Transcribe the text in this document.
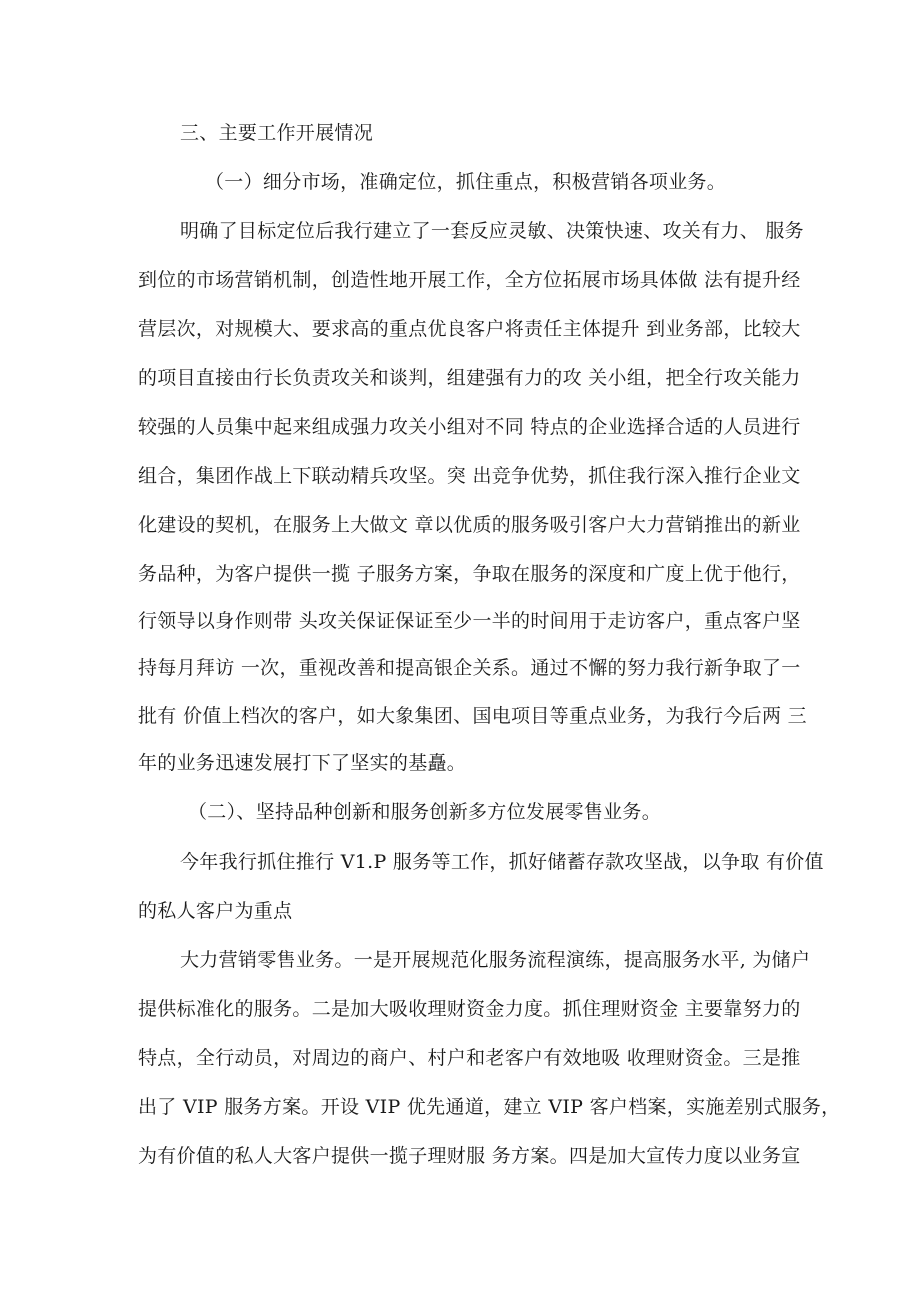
三、主要工作开展情况
（一）细分市场，准确定位，抓住重点，积极营销各项业务。
明确了目标定位后我行建立了一套反应灵敏、决策快速、攻关有力、 服务
到位的市场营销机制，创造性地开展工作，全方位拓展市场具体做 法有提升经
营层次，对规模大、要求高的重点优良客户将责任主体提升 到业务部，比较大
的项目直接由行长负责攻关和谈判，组建强有力的攻 关小组，把全行攻关能力
较强的人员集中起来组成强力攻关小组对不同 特点的企业选择合适的人员进行
组合，集团作战上下联动精兵攻坚。突 出竞争优势，抓住我行深入推行企业文
化建设的契机，在服务上大做文 章以优质的服务吸引客户大力营销推出的新业
务品种，为客户提供一揽 子服务方案，争取在服务的深度和广度上优于他行，
行领导以身作则带 头攻关保证保证至少一半的时间用于走访客户，重点客户坚
持每月拜访 一次，重视改善和提高银企关系。通过不懈的努力我行新争取了一
批有 价值上档次的客户，如大象集团、国电项目等重点业务，为我行今后两 三
年的业务迅速发展打下了坚实的基矗。
（二）、坚持品种创新和服务创新多方位发展零售业务。
今年我行抓住推行 V1.P 服务等工作，抓好储蓄存款攻坚战，以争取 有价值
的私人客户为重点
大力营销零售业务。一是开展规范化服务流程演练，提高服务水平, 为储户
提供标准化的服务。二是加大吸收理财资金力度。抓住理财资金 主要靠努力的
特点，全行动员，对周边的商户、村户和老客户有效地吸 收理财资金。三是推
出了 VIP 服务方案。开设 VIP 优先通道，建立 VIP 客户档案，实施差别式服务，
为有价值的私人大客户提供一揽子理财服 务方案。四是加大宣传力度以业务宣
